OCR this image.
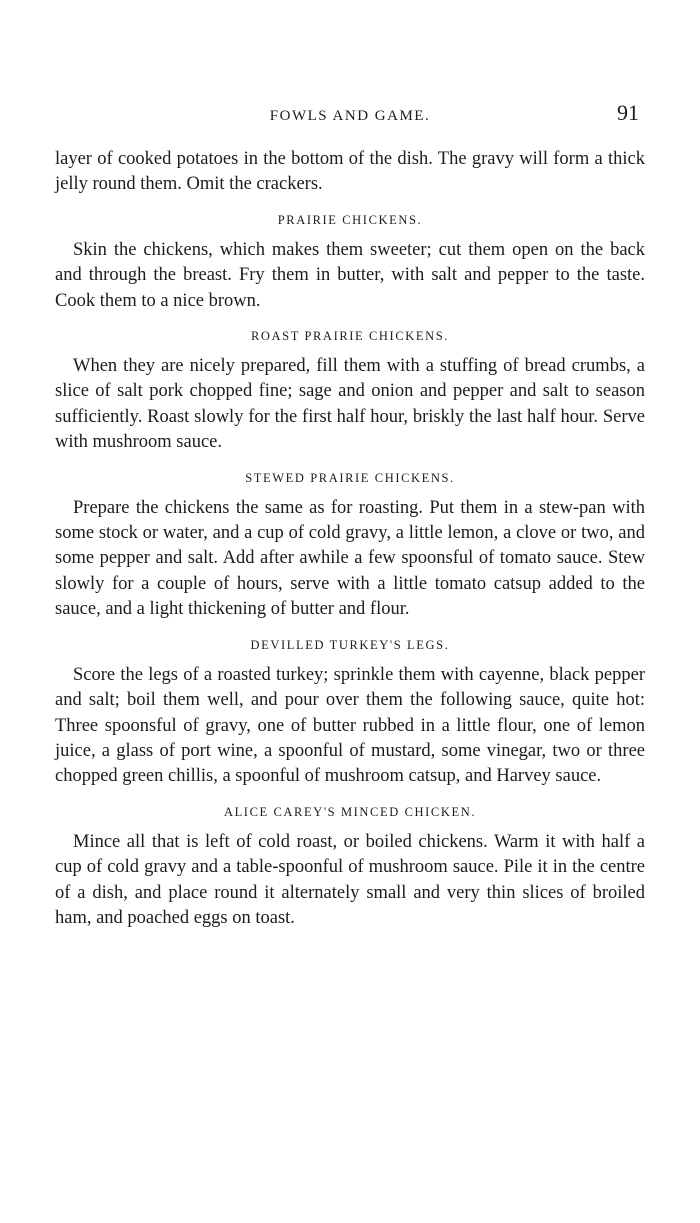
FOWLS AND GAME.	91

layer of cooked potatoes in the bottom of the dish. The gravy will form a thick jelly round them. Omit the crackers.

PRAIRIE CHICKENS.

Skin the chickens, which makes them sweeter; cut them open on the back and through the breast. Fry them in butter, with salt and pepper to the taste. Cook them to a nice brown.

ROAST PRAIRIE CHICKENS.

When they are nicely prepared, fill them with a stuffing of bread crumbs, a slice of salt pork chopped fine; sage and onion and pepper and salt to season sufficiently. Roast slowly for the first half hour, briskly the last half hour. Serve with mushroom sauce.

STEWED PRAIRIE CHICKENS.

Prepare the chickens the same as for roasting. Put them in a stew-pan with some stock or water, and a cup of cold gravy, a little lemon, a clove or two, and some pepper and salt. Add after awhile a few spoonsful of tomato sauce. Stew slowly for a couple of hours, serve with a little tomato catsup added to the sauce, and a light thickening of butter and flour.

DEVILLED TURKEY'S LEGS.

Score the legs of a roasted turkey; sprinkle them with cayenne, black pepper and salt; boil them well, and pour over them the following sauce, quite hot: Three spoonsful of gravy, one of butter rubbed in a little flour, one of lemon juice, a glass of port wine, a spoonful of mustard, some vinegar, two or three chopped green chillis, a spoonful of mushroom catsup, and Harvey sauce.

ALICE CAREY'S MINCED CHICKEN.

Mince all that is left of cold roast, or boiled chickens. Warm it with half a cup of cold gravy and a table-spoonful of mushroom sauce. Pile it in the centre of a dish, and place round it alternately small and very thin slices of broiled ham, and poached eggs on toast.
